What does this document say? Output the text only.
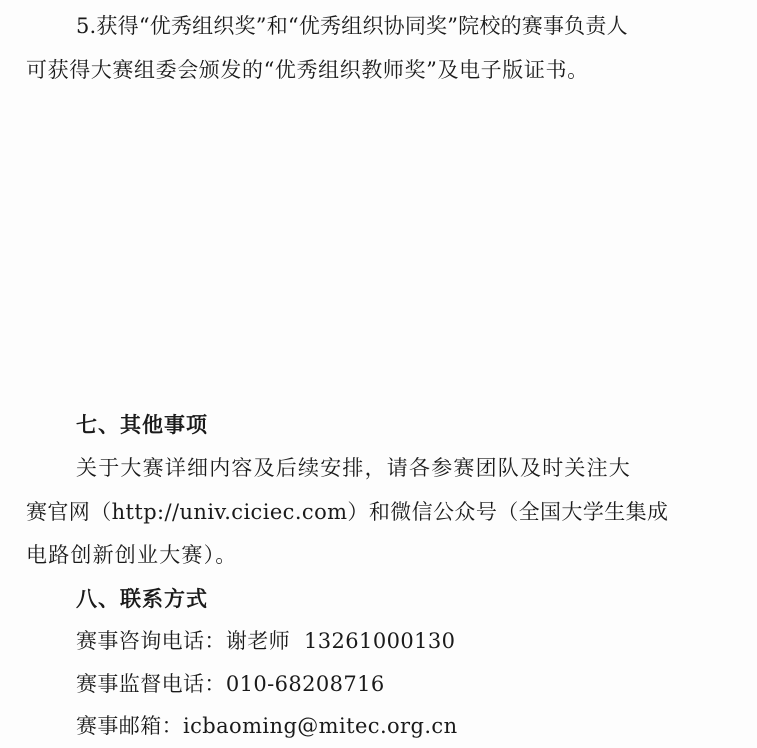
5.获得“优秀组织奖”和“优秀组织协同奖”院校的赛事负责人
可获得大赛组委会颁发的“优秀组织教师奖”及电子版证书。
七、其他事项
关于大赛详细内容及后续安排，请各参赛团队及时关注大
赛官网（http://univ.ciciec.com）和微信公众号（全国大学生集成
电路创新创业大赛）。
八、联系方式
赛事咨询电话：谢老师 13261000130
赛事监督电话：010-68208716
赛事邮箱：icbaoming@mitec.org.cn
